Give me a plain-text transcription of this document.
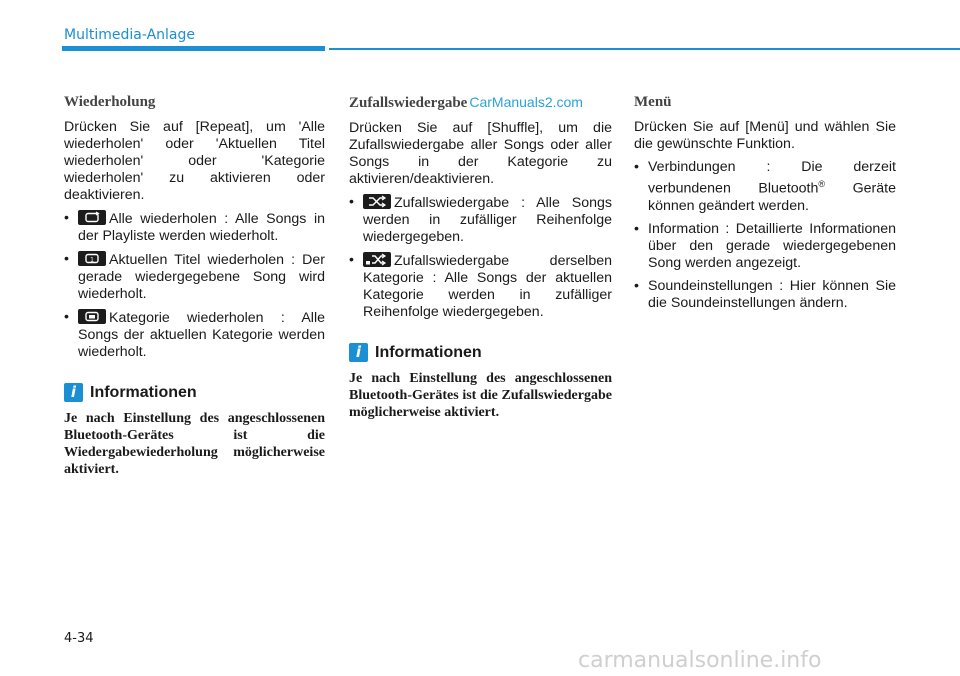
Multimedia-Anlage
Wiederholung

Drücken Sie auf [Repeat], um 'Alle wiederholen' oder 'Aktuellen Titel wiederholen' oder 'Kategorie wiederholen' zu aktivieren oder deaktivieren.

• Alle wiederholen : Alle Songs in der Playliste werden wiederholt.
• 1 Aktuellen Titel wiederholen : Der gerade wiedergegebene Song wird wiederholt.
• Kategorie wiederholen : Alle Songs der aktuellen Kategorie werden wiederholt.
i Informationen

Je nach Einstellung des angeschlossenen Bluetooth-Gerätes ist die Wiedergabewiederholung möglicherweise aktiviert.

Zufallswiedergabe CarManuals2.com

Drücken Sie auf [Shuffle], um die Zufallswiedergabe aller Songs oder aller Songs in der Kategorie zu aktivieren/deaktivieren.

• Zufallswiedergabe : Alle Songs werden in zufälliger Reihenfolge wiedergegeben.
• Zufallswiedergabe derselben Kategorie : Alle Songs der aktuellen Kategorie werden in zufälliger Reihenfolge wiedergegeben.
i Informationen

Je nach Einstellung des angeschlossenen Bluetooth-Gerätes ist die Zufallswiedergabe möglicherweise aktiviert.

Menü

Drücken Sie auf [Menü] und wählen Sie die gewünschte Funktion.

• Verbindungen : Die derzeit verbundenen Bluetooth® Geräte können geändert werden.
• Information : Detaillierte Informationen über den gerade wiedergegebenen Song werden angezeigt.
• Soundeinstellungen : Hier können Sie die Soundeinstellungen ändern.
4-34
carmanualsonline.info
